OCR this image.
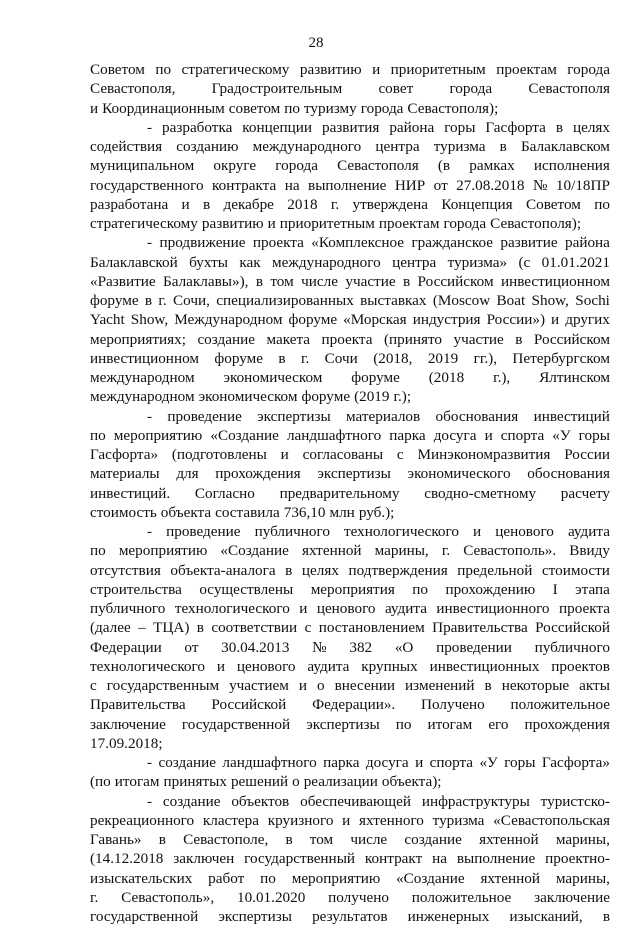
28
Советом по стратегическому развитию и приоритетным проектам города
Севастополя, Градостроительным совет города Севастополя
и Координационным советом по туризму города Севастополя);
- разработка концепции развития района горы Гасфорта в целях
содействия созданию международного центра туризма в Балаклавском
муниципальном округе города Севастополя (в рамках исполнения
государственного контракта на выполнение НИР от 27.08.2018 № 10/18ПР
разработана и в декабре 2018 г. утверждена Концепция Советом по
стратегическому развитию и приоритетным проектам города Севастополя);
- продвижение проекта «Комплексное гражданское развитие района
Балаклавской бухты как международного центра туризма» (с 01.01.2021
«Развитие Балаклавы»), в том числе участие в Российском инвестиционном
форуме в г. Сочи, специализированных выставках (Moscow Boat Show, Sochi
Yacht Show, Международном форуме «Морская индустрия России») и других
мероприятиях; создание макета проекта (принято участие в Российском
инвестиционном форуме в г. Сочи (2018, 2019 гг.), Петербургском
международном экономическом форуме (2018 г.), Ялтинском
международном экономическом форуме (2019 г.);
- проведение экспертизы материалов обоснования инвестиций
по мероприятию «Создание ландшафтного парка досуга и спорта «У горы
Гасфорта» (подготовлены и согласованы с Минэкономразвития России
материалы для прохождения экспертизы экономического обоснования
инвестиций. Согласно предварительному сводно-сметному расчету
стоимость объекта составила 736,10 млн руб.);
- проведение публичного технологического и ценового аудита
по мероприятию «Создание яхтенной марины, г. Севастополь». Ввиду
отсутствия объекта-аналога в целях подтверждения предельной стоимости
строительства осуществлены мероприятия по прохождению I этапа
публичного технологического и ценового аудита инвестиционного проекта
(далее – ТЦА) в соответствии с постановлением Правительства Российской
Федерации от 30.04.2013 № 382 «О проведении публичного
технологического и ценового аудита крупных инвестиционных проектов
с государственным участием и о внесении изменений в некоторые акты
Правительства Российской Федерации». Получено положительное
заключение государственной экспертизы по итогам его прохождения
17.09.2018;
- создание ландшафтного парка досуга и спорта «У горы Гасфорта»
(по итогам принятых решений о реализации объекта);
- создание объектов обеспечивающей инфраструктуры туристско-
рекреационного кластера круизного и яхтенного туризма «Севастопольская
Гавань» в Севастополе, в том числе создание яхтенной марины,
(14.12.2018 заключен государственный контракт на выполнение проектно-
изыскательских работ по мероприятию «Создание яхтенной марины,
г. Севастополь», 10.01.2020 получено положительное заключение
государственной экспертизы результатов инженерных изысканий, в
